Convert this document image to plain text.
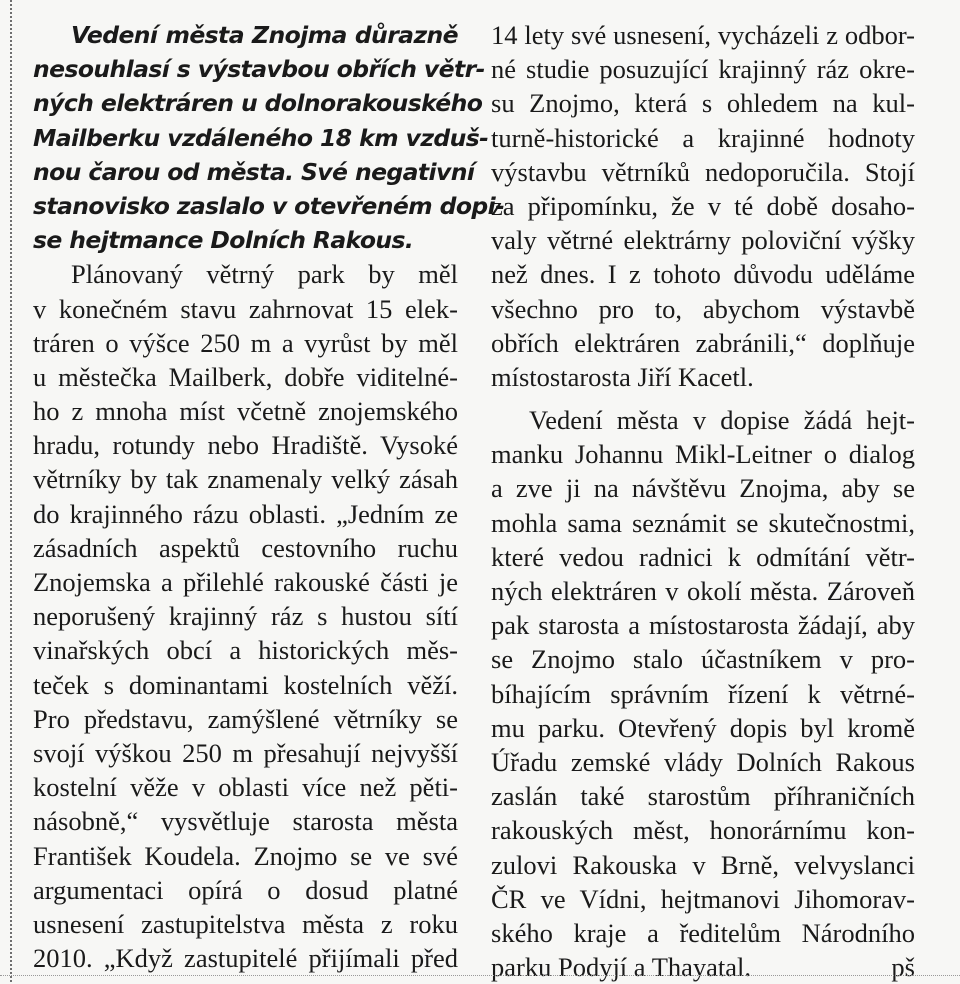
Vedení města Znojma důrazně
nesouhlasí s výstavbou obřích větr-
ných elektráren u dolnorakouského
Mailberku vzdáleného 18 km vzduš-
nou čarou od města. Své negativní
stanovisko zaslalo v otevřeném dopi-
se hejtmance Dolních Rakous.
Plánovaný větrný park by měl
v konečném stavu zahrnovat 15 elek-
tráren o výšce 250 m a vyrůst by měl
u městečka Mailberk, dobře viditelné-
ho z mnoha míst včetně znojemského
hradu, rotundy nebo Hradiště. Vysoké
větrníky by tak znamenaly velký zásah
do krajinného rázu oblasti. „Jedním ze
zásadních aspektů cestovního ruchu
Znojemska a přilehlé rakouské části je
neporušený krajinný ráz s hustou sítí
vinařských obcí a historických měs-
teček s dominantami kostelních věží.
Pro představu, zamýšlené větrníky se
svojí výškou 250 m přesahují nejvyšší
kostelní věže v oblasti více než pěti-
násobně,“ vysvětluje starosta města
František Koudela. Znojmo se ve své
argumentaci opírá o dosud platné
usnesení zastupitelstva města z roku
2010. „Když zastupitelé přijímali před
14 lety své usnesení, vycházeli z odbor-
né studie posuzující krajinný ráz okre-
su Znojmo, která s ohledem na kul-
turně-historické a krajinné hodnoty
výstavbu větrníků nedoporučila. Stojí
za připomínku, že v té době dosaho-
valy větrné elektrárny poloviční výšky
než dnes. I z tohoto důvodu uděláme
všechno pro to, abychom výstavbě
obřích elektráren zabránili,“ doplňuje
místostarosta Jiří Kacetl.
Vedení města v dopise žádá hejt-
manku Johannu Mikl-Leitner o dialog
a zve ji na návštěvu Znojma, aby se
mohla sama seznámit se skutečnostmi,
které vedou radnici k odmítání větr-
ných elektráren v okolí města. Zároveň
pak starosta a místostarosta žádají, aby
se Znojmo stalo účastníkem v pro-
bíhajícím správním řízení k větrné-
mu parku. Otevřený dopis byl kromě
Úřadu zemské vlády Dolních Rakous
zaslán také starostům příhraničních
rakouských měst, honorárnímu kon-
zulovi Rakouska v Brně, velvyslanci
ČR ve Vídni, hejtmanovi Jihomorav-
ského kraje a ředitelům Národního
parku Podyjí a Thayatal.	pš
